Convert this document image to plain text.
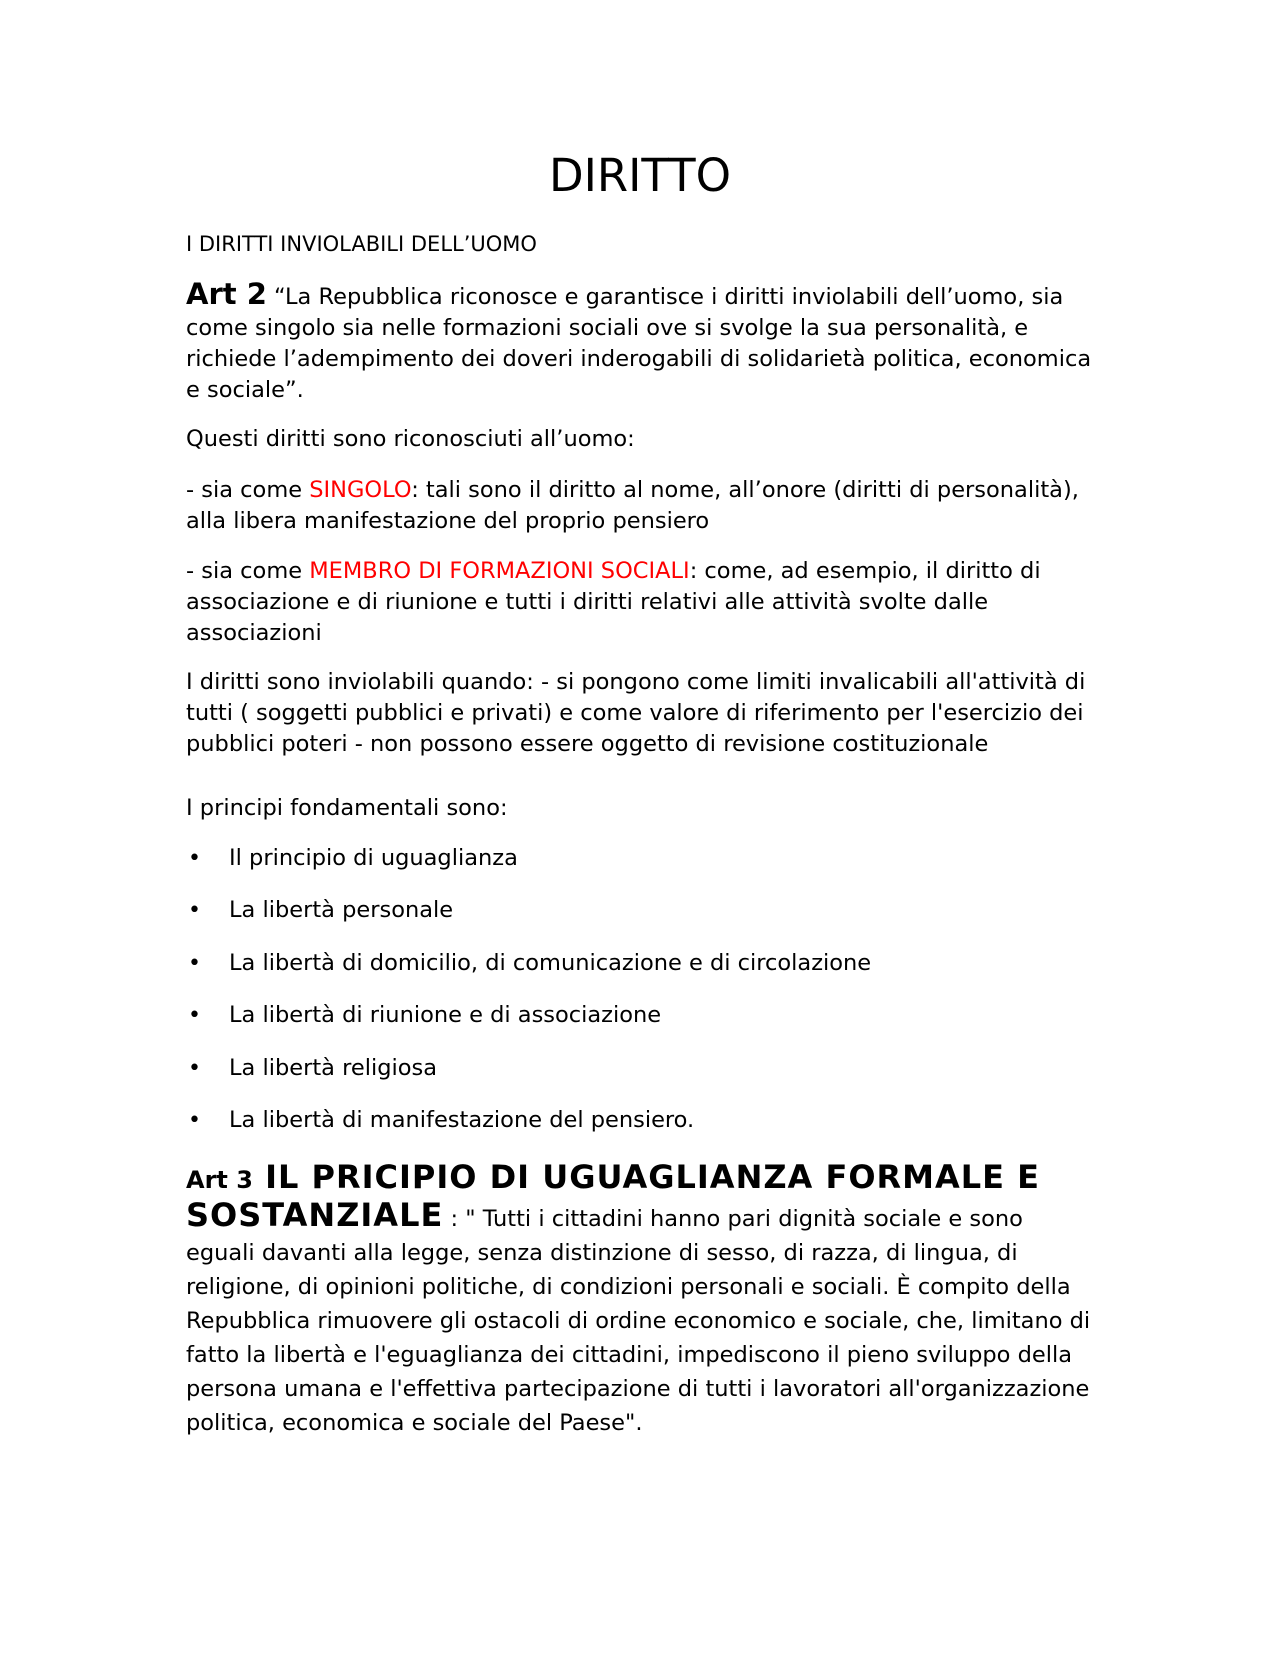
DIRITTO

I DIRITTI INVIOLABILI DELL’UOMO

Art 2 “La Repubblica riconosce e garantisce i diritti inviolabili dell’uomo, sia come singolo sia nelle formazioni sociali ove si svolge la sua personalità, e richiede l’adempimento dei doveri inderogabili di solidarietà politica, economica e sociale”.

Questi diritti sono riconosciuti all’uomo:

- sia come SINGOLO: tali sono il diritto al nome, all’onore (diritti di personalità), alla libera manifestazione del proprio pensiero

- sia come MEMBRO DI FORMAZIONI SOCIALI: come, ad esempio, il diritto di associazione e di riunione e tutti i diritti relativi alle attività svolte dalle associazioni

I diritti sono inviolabili quando: - si pongono come limiti invalicabili all'attività di tutti ( soggetti pubblici e privati) e come valore di riferimento per l'esercizio dei pubblici poteri - non possono essere oggetto di revisione costituzionale

I principi fondamentali sono:

• Il principio di uguaglianza
• La libertà personale
• La libertà di domicilio, di comunicazione e di circolazione
• La libertà di riunione e di associazione
• La libertà religiosa
• La libertà di manifestazione del pensiero.

Art 3 IL PRICIPIO DI UGUAGLIANZA FORMALE E SOSTANZIALE : " Tutti i cittadini hanno pari dignità sociale e sono eguali davanti alla legge, senza distinzione di sesso, di razza, di lingua, di religione, di opinioni politiche, di condizioni personali e sociali. È compito della Repubblica rimuovere gli ostacoli di ordine economico e sociale, che, limitano di fatto la libertà e l'eguaglianza dei cittadini, impediscono il pieno sviluppo della persona umana e l'effettiva partecipazione di tutti i lavoratori all'organizzazione politica, economica e sociale del Paese".
